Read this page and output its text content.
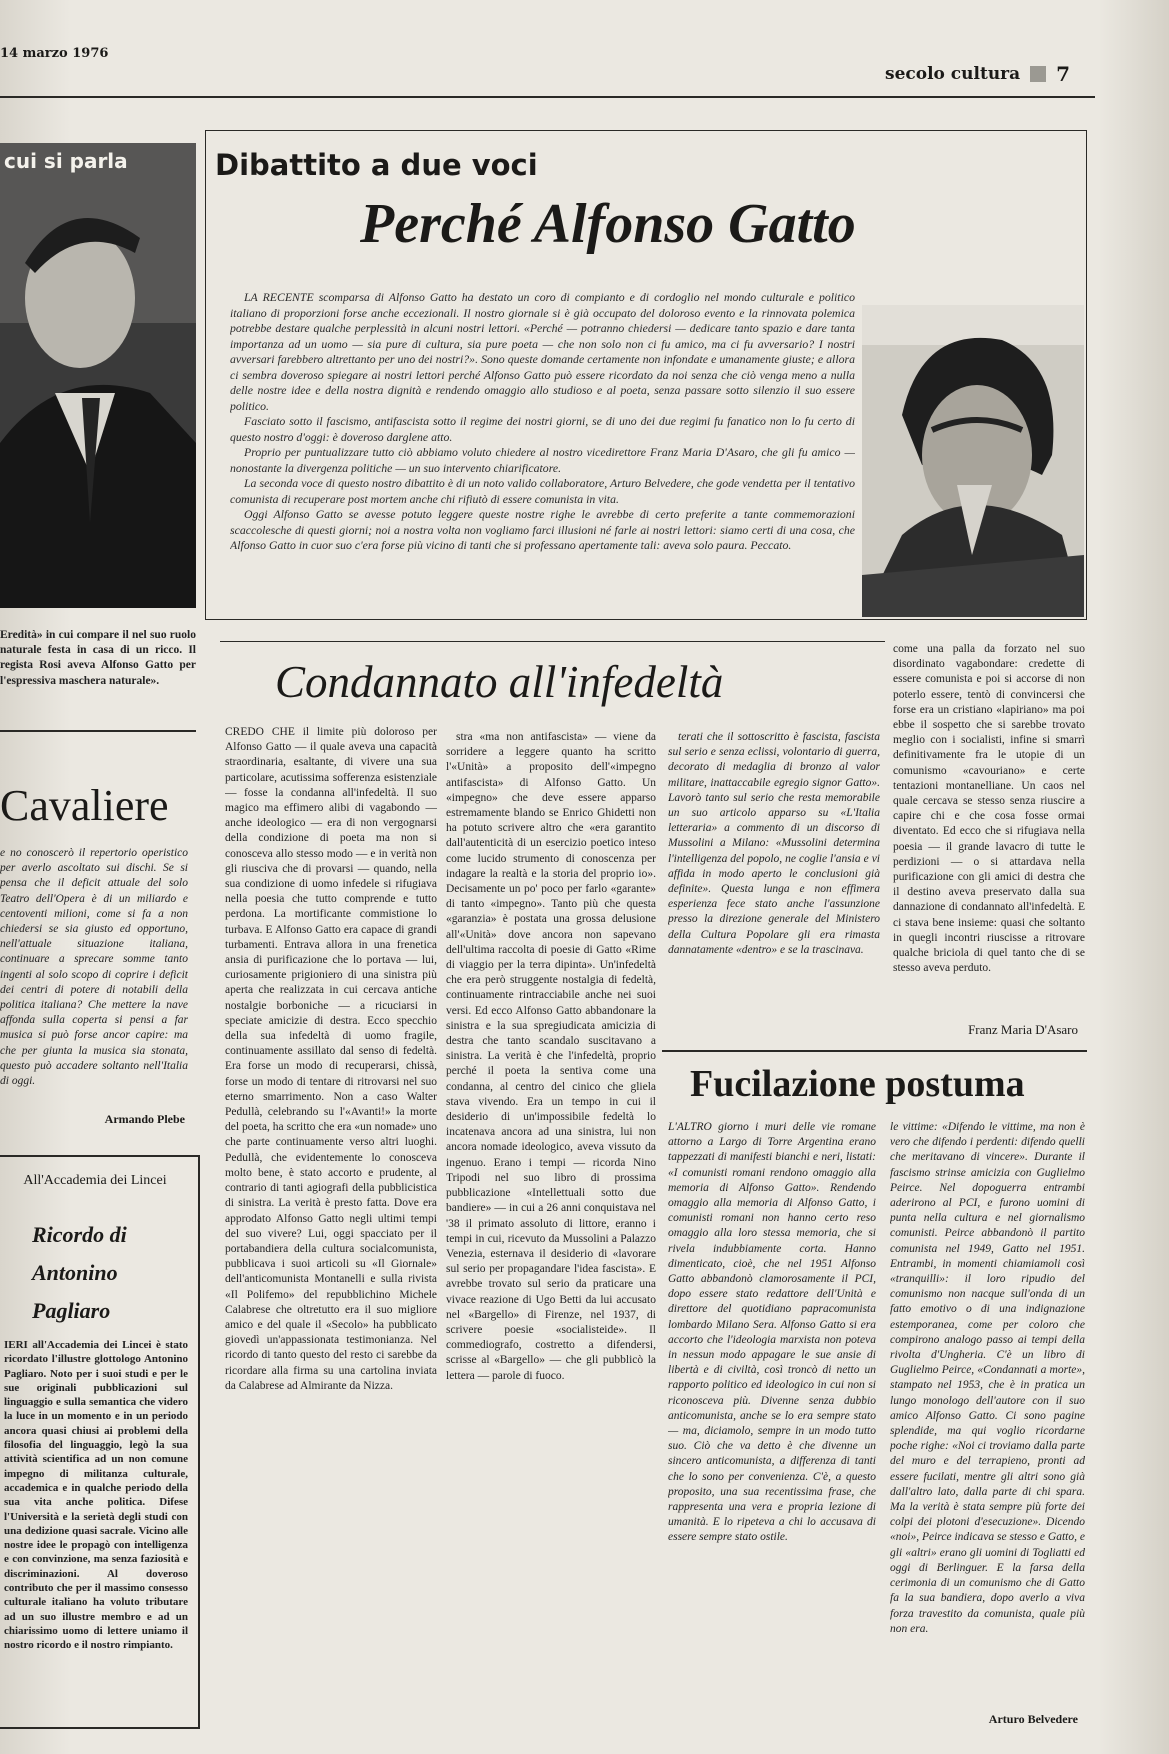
14 marzo 1976
secolo cultura 7
cui si parla
Eredità» in cui compare il nel suo ruolo naturale festa in casa di un ricco. Il regista Rosi aveva Alfonso Gatto per l'espressiva maschera naturale».
Cavaliere
e no conoscerò il repertorio operistico per averlo ascoltato sui dischi. Se si pensa che il deficit attuale del solo Teatro dell'Opera è di un miliardo e centoventi milioni, come si fa a non chiedersi se sia giusto ed opportuno, nell'attuale situazione italiana, continuare a sprecare somme tanto ingenti al solo scopo di coprire i deficit dei centri di potere di notabili della politica italiana? Che mettere la nave affonda sulla coperta si pensi a far musica si può forse ancor capire: ma che per giunta la musica sia stonata, questo può accadere soltanto nell'Italia di oggi.
Armando Plebe
All'Accademia dei Lincei
Ricordo di
Antonino
Pagliaro
IERI all'Accademia dei Lincei è stato ricordato l'illustre glottologo Antonino Pagliaro. Noto per i suoi studi e per le sue originali pubblicazioni sul linguaggio e sulla semantica che videro la luce in un momento e in un periodo ancora quasi chiusi ai problemi della filosofia del linguaggio, legò la sua attività scientifica ad un non comune impegno di militanza culturale, accademica e in qualche periodo della sua vita anche politica. Difese l'Università e la serietà degli studi con una dedizione quasi sacrale. Vicino alle nostre idee le propagò con intelligenza e con convinzione, ma senza faziosità e discriminazioni. Al doveroso contributo che per il massimo consesso culturale italiano ha voluto tributare ad un suo illustre membro e ad un chiarissimo uomo di lettere uniamo il nostro ricordo e il nostro rimpianto.
Dibattito a due voci
Perché Alfonso Gatto

LA RECENTE scomparsa di Alfonso Gatto ha destato un coro di compianto e di cordoglio nel mondo culturale e politico italiano di proporzioni forse anche eccezionali. Il nostro giornale si è già occupato del doloroso evento e la rinnovata polemica potrebbe destare qualche perplessità in alcuni nostri lettori. «Perché — potranno chiedersi — dedicare tanto spazio e dare tanta importanza ad un uomo — sia pure di cultura, sia pure poeta — che non solo non ci fu amico, ma ci fu avversario? I nostri avversari farebbero altrettanto per uno dei nostri?». Sono queste domande certamente non infondate e umanamente giuste; e allora ci sembra doveroso spiegare ai nostri lettori perché Alfonso Gatto può essere ricordato da noi senza che ciò venga meno a nulla delle nostre idee e della nostra dignità e rendendo omaggio allo studioso e al poeta, senza passare sotto silenzio il suo essere politico.

Fasciato sotto il fascismo, antifascista sotto il regime dei nostri giorni, se di uno dei due regimi fu fanatico non lo fu certo di questo nostro d'oggi: è doveroso darglene atto.

Proprio per puntualizzare tutto ciò abbiamo voluto chiedere al nostro vicedirettore Franz Maria D'Asaro, che gli fu amico — nonostante la divergenza politiche — un suo intervento chiarificatore.

La seconda voce di questo nostro dibattito è di un noto valido collaboratore, Arturo Belvedere, che gode vendetta per il tentativo comunista di recuperare post mortem anche chi rifiutò di essere comunista in vita.

Oggi Alfonso Gatto se avesse potuto leggere queste nostre righe le avrebbe di certo preferite a tante commemorazioni scaccolesche di questi giorni; noi a nostra volta non vogliamo farci illusioni né farle ai nostri lettori: siamo certi di una cosa, che Alfonso Gatto in cuor suo c'era forse più vicino di tanti che si professano apertamente tali: aveva solo paura. Peccato.

Condannato all'infedeltà

CREDO CHE il limite più doloroso per Alfonso Gatto — il quale aveva una capacità straordinaria, esaltante, di vivere una sua particolare, acutissima sofferenza esistenziale — fosse la condanna all'infedeltà. Il suo magico ma effimero alibi di vagabondo — anche ideologico — era di non vergognarsi della condizione di poeta ma non si conosceva allo stesso modo — e in verità non gli riusciva che di provarsi — quando, nella sua condizione di uomo infedele si rifugiava nella poesia che tutto comprende e tutto perdona. La mortificante commistione lo turbava. E Alfonso Gatto era capace di grandi turbamenti. Entrava allora in una frenetica ansia di purificazione che lo portava — lui, curiosamente prigioniero di una sinistra più aperta che realizzata in cui cercava antiche nostalgie borboniche — a ricuciarsi in speciate amicizie di destra. Ecco specchio della sua infedeltà di uomo fragile, continuamente assillato dal senso di fedeltà. Era forse un modo di recuperarsi, chissà, forse un modo di tentare di ritrovarsi nel suo eterno smarrimento. Non a caso Walter Pedullà, celebrando su l'«Avanti!» la morte del poeta, ha scritto che era «un nomade» uno che parte continuamente verso altri luoghi. Pedullà, che evidentemente lo conosceva molto bene, è stato accorto e prudente, al contrario di tanti agiografi della pubblicistica di sinistra. La verità è presto fatta. Dove era approdato Alfonso Gatto negli ultimi tempi del suo vivere? Lui, oggi spacciato per il portabandiera della cultura socialcomunista, pubblicava i suoi articoli su «Il Giornale» dell'anticomunista Montanelli e sulla rivista «Il Polifemo» del repubblichino Michele Calabrese che oltretutto era il suo migliore amico e del quale il «Secolo» ha pubblicato giovedì un'appassionata testimonianza. Nel ricordo di tanto questo del resto ci sarebbe da ricordare alla firma su una cartolina inviata da Calabrese ad Almirante da Nizza.

stra «ma non antifascista» — viene da sorridere a leggere quanto ha scritto l'«Unità» a proposito dell'«impegno antifascista» di Alfonso Gatto. Un «impegno» che deve essere apparso estremamente blando se Enrico Ghidetti non ha potuto scrivere altro che «era garantito dall'autenticità di un esercizio poetico inteso come lucido strumento di conoscenza per indagare la realtà e la storia del proprio io». Decisamente un po' poco per farlo «garante» di tanto «impegno». Tanto più che questa «garanzia» è postata una grossa delusione all'«Unità» dove ancora non sapevano dell'ultima raccolta di poesie di Gatto «Rime di viaggio per la terra dipinta». Un'infedeltà che era però struggente nostalgia di fedeltà, continuamente rintracciabile anche nei suoi versi. Ed ecco Alfonso Gatto abbandonare la sinistra e la sua spregiudicata amicizia di destra che tanto scandalo suscitavano a sinistra. La verità è che l'infedeltà, proprio perché il poeta la sentiva come una condanna, al centro del cinico che gliela stava vivendo. Era un tempo in cui il desiderio di un'impossibile fedeltà lo incatenava ancora ad una sinistra, lui non ancora nomade ideologico, aveva vissuto da ingenuo. Erano i tempi — ricorda Nino Tripodi nel suo libro di prossima pubblicazione «Intellettuali sotto due bandiere» — in cui a 26 anni conquistava nel '38 il primato assoluto di littore, eranno i tempi in cui, ricevuto da Mussolini a Palazzo Venezia, esternava il desiderio di «lavorare sul serio per propagandare l'idea fascista». E avrebbe trovato sul serio da praticare una vivace reazione di Ugo Betti da lui accusato nel «Bargello» di Firenze, nel 1937, di scrivere poesie «socialisteide». Il commediografo, costretto a difendersi, scrisse al «Bargello» — che gli pubblicò la lettera — parole di fuoco.

terati che il sottoscritto è fascista, fascista sul serio e senza eclissi, volontario di guerra, decorato di medaglia di bronzo al valor militare, inattaccabile egregio signor Gatto». Lavorò tanto sul serio che resta memorabile un suo articolo apparso su «L'Italia letteraria» a commento di un discorso di Mussolini a Milano: «Mussolini determina l'intelligenza del popolo, ne coglie l'ansia e vi affida in modo aperto le conclusioni già definite». Questa lunga e non effimera esperienza fece stato anche l'assunzione presso la direzione generale del Ministero della Cultura Popolare gli era rimasta dannatamente «dentro» e se la trascinava.

come una palla da forzato nel suo disordinato vagabondare: credette di essere comunista e poi si accorse di non poterlo essere, tentò di convincersi che forse era un cristiano «lapiriano» ma poi ebbe il sospetto che si sarebbe trovato meglio con i socialisti, infine si smarrì definitivamente fra le utopie di un comunismo «cavouriano» e certe tentazioni montanelliane. Un caos nel quale cercava se stesso senza riuscire a capire chi e che cosa fosse ormai diventato. Ed ecco che si rifugiava nella poesia — il grande lavacro di tutte le perdizioni — o si attardava nella purificazione con gli amici di destra che il destino aveva preservato dalla sua dannazione di condannato all'infedeltà. E ci stava bene insieme: quasi che soltanto in quegli incontri riuscisse a ritrovare qualche briciola di quel tanto che di se stesso aveva perduto.

Franz Maria D'Asaro
Fucilazione postuma

L'ALTRO giorno i muri delle vie romane attorno a Largo di Torre Argentina erano tappezzati di manifesti bianchi e neri, listati: «I comunisti romani rendono omaggio alla memoria di Alfonso Gatto». Rendendo omaggio alla memoria di Alfonso Gatto, i comunisti romani non hanno certo reso omaggio alla loro stessa memoria, che si rivela indubbiamente corta. Hanno dimenticato, cioè, che nel 1951 Alfonso Gatto abbandonò clamorosamente il PCI, dopo essere stato redattore dell'Unità e direttore del quotidiano papracomunista lombardo Milano Sera. Alfonso Gatto si era accorto che l'ideologia marxista non poteva in nessun modo appagare le sue ansie di libertà e di civiltà, così troncò di netto un rapporto politico ed ideologico in cui non si riconosceva più. Divenne senza dubbio anticomunista, anche se lo era sempre stato — ma, diciamolo, sempre in un modo tutto suo. Ciò che va detto è che divenne un sincero anticomunista, a differenza di tanti che lo sono per convenienza. C'è, a questo proposito, una sua recentissima frase, che rappresenta una vera e propria lezione di umanità. E lo ripeteva a chi lo accusava di essere sempre stato ostile.

le vittime: «Difendo le vittime, ma non è vero che difendo i perdenti: difendo quelli che meritavano di vincere». Durante il fascismo strinse amicizia con Guglielmo Peirce. Nel dopoguerra entrambi aderirono al PCI, e furono uomini di punta nella cultura e nel giornalismo comunisti. Peirce abbandonò il partito comunista nel 1949, Gatto nel 1951. Entrambi, in momenti chiamiamoli così «tranquilli»: il loro ripudio del comunismo non nacque sull'onda di un fatto emotivo o di una indignazione estemporanea, come per coloro che compirono analogo passo ai tempi della rivolta d'Ungheria. C'è un libro di Guglielmo Peirce, «Condannati a morte», stampato nel 1953, che è in pratica un lungo monologo dell'autore con il suo amico Alfonso Gatto. Ci sono pagine splendide, ma qui voglio ricordarne poche righe: «Noi ci troviamo dalla parte del muro e del terrapieno, pronti ad essere fucilati, mentre gli altri sono già dall'altro lato, dalla parte di chi spara. Ma la verità è stata sempre più forte dei colpi dei plotoni d'esecuzione». Dicendo «noi», Peirce indicava se stesso e Gatto, e gli «altri» erano gli uomini di Togliatti ed oggi di Berlinguer. E la farsa della cerimonia di un comunismo che di Gatto fa la sua bandiera, dopo averlo a viva forza travestito da comunista, quale più non era.

Arturo Belvedere
